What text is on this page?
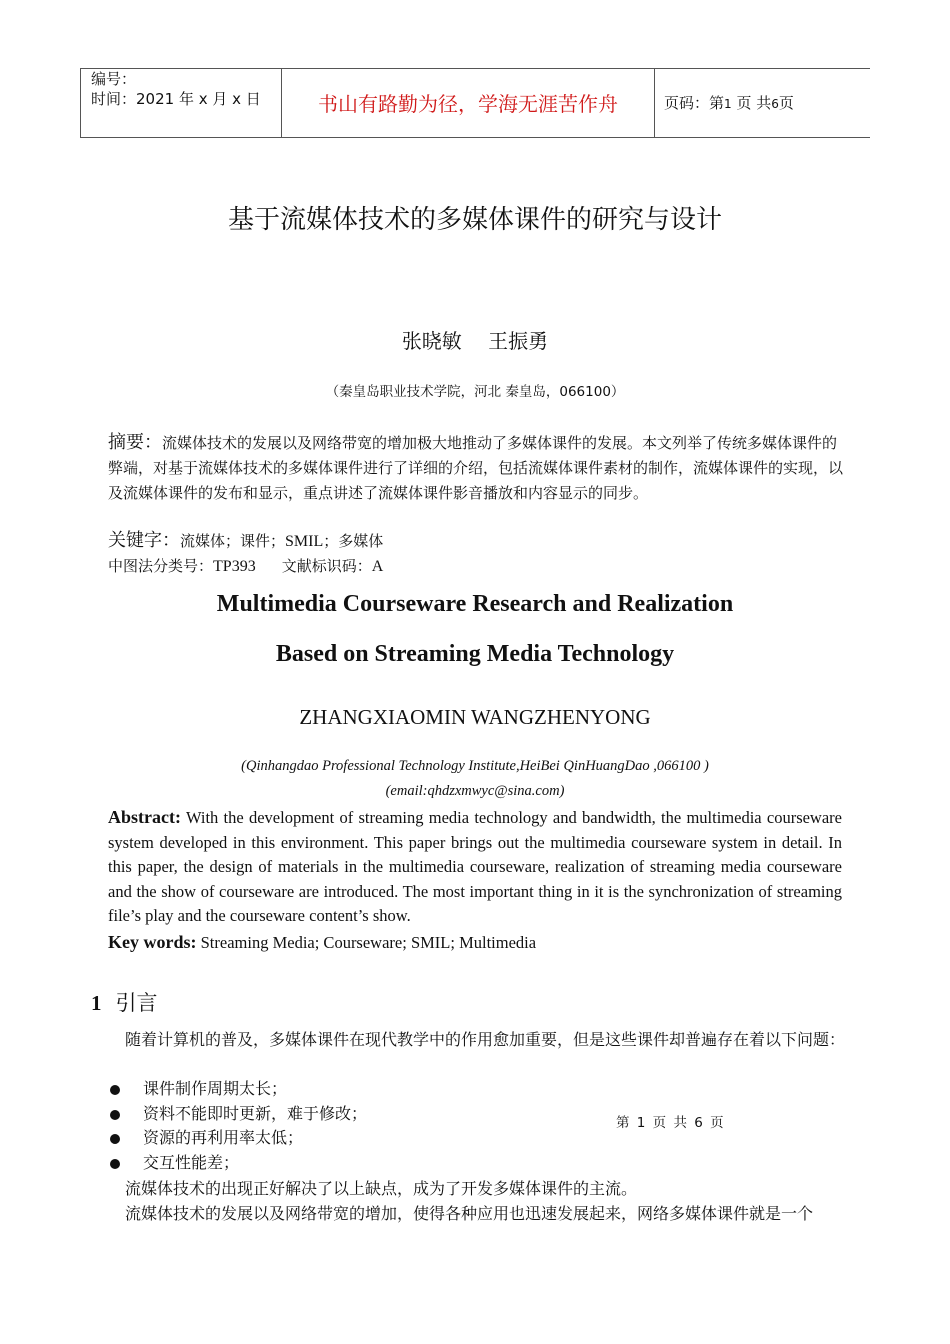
编号：
时间：2021 年 x 月 x 日	书山有路勤为径，学海无涯苦作舟	页码：第1 页 共6页
基于流媒体技术的多媒体课件的研究与设计
张晓敏 王振勇
（秦皇岛职业技术学院，河北 秦皇岛，066100）
摘要：流媒体技术的发展以及网络带宽的增加极大地推动了多媒体课件的发展。本文列举了传统多媒体课件的弊端，对基于流媒体技术的多媒体课件进行了详细的介绍，包括流媒体课件素材的制作，流媒体课件的实现，以及流媒体课件的发布和显示，重点讲述了流媒体课件影音播放和内容显示的同步。
关键字：流媒体；课件；SMIL；多媒体
中图法分类号：TP393 文献标识码：A
Multimedia Courseware Research and Realization
Based on Streaming Media Technology
ZHANGXIAOMIN WANGZHENYONG
(Qinhangdao Professional Technology Institute,HeiBei QinHuangDao ,066100 )
(email:qhdzxmwyc@sina.com)
Abstract: With the development of streaming media technology and bandwidth, the multimedia courseware system developed in this environment. This paper brings out the multimedia courseware system in detail. In this paper, the design of materials in the multimedia courseware, realization of streaming media courseware and the show of courseware are introduced. The most important thing in it is the synchronization of streaming file’s play and the courseware content’s show.
Key words: Streaming Media; Courseware; SMIL; Multimedia
1 引言
随着计算机的普及，多媒体课件在现代教学中的作用愈加重要，但是这些课件却普遍存在着以下问题：
课件制作周期太长；
资料不能即时更新，难于修改；
资源的再利用率太低；
交互性能差；
第 1 页 共 6 页
流媒体技术的出现正好解决了以上缺点，成为了开发多媒体课件的主流。
流媒体技术的发展以及网络带宽的增加，使得各种应用也迅速发展起来，网络多媒体课件就是一个
